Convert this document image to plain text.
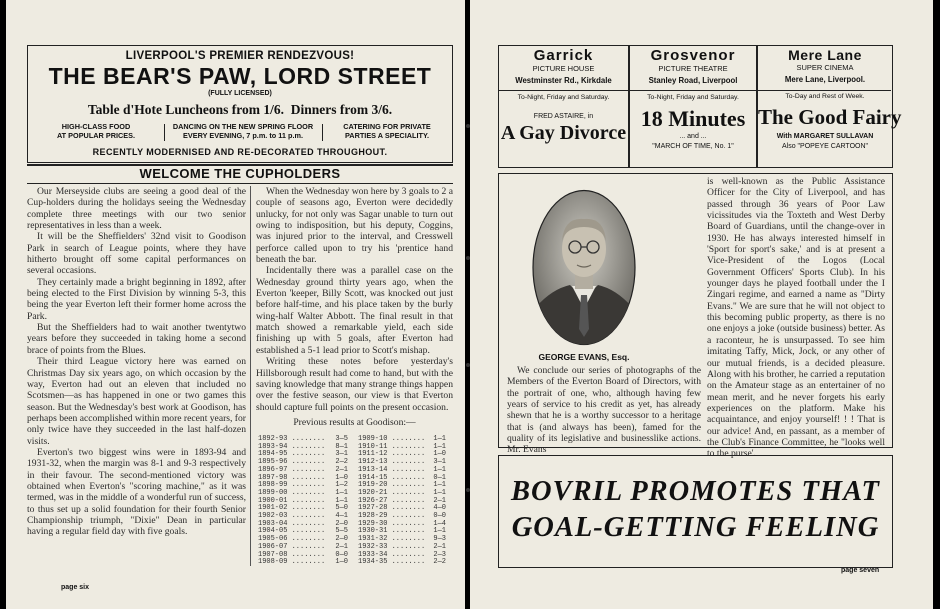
LIVERPOOL'S PREMIER RENDEZVOUS!
THE BEAR'S PAW, LORD STREET
(FULLY LICENSED)
Table d'Hote Luncheons from 1/6.  Dinners from 3/6.
HIGH-CLASS FOOD
AT POPULAR PRICES.
DANCING ON THE NEW SPRING FLOOR
EVERY EVENING, 7 p.m. to 11 p.m.
CATERING FOR PRIVATE
PARTIES A SPECIALITY.
RECENTLY MODERNISED AND RE-DECORATED THROUGHOUT.
WELCOME THE CUPHOLDERS

Our Merseyside clubs are seeing a good deal of the Cup-holders during the holidays seeing the Wednesday complete three meetings with our two senior representatives in less than a week.

It will be the Sheffielders' 32nd visit to Goodison Park in search of League points, where they have hitherto brought off some capital performances on several occasions.

They certainly made a bright beginning in 1892, after being elected to the First Division by winning 5-3, this being the year Everton left their former home across the Park.

But the Sheffielders had to wait another twentytwo years before they succeeded in taking home a second brace of points from the Blues.

Their third League victory here was earned on Christmas Day six years ago, on which occasion by the way, Everton had out an eleven that included no Scotsmen—as has happened in one or two games this season. But the Wednesday's best work at Goodison, has perhaps been accomplished within more recent years, for only twice have they succeeded in the last half-dozen visits.

Everton's two biggest wins were in 1893-94 and 1931-32, when the margin was 8-1 and 9-3 respectively in their favour. The second-mentioned victory was obtained when Everton's "scoring machine," as it was termed, was in the middle of a wonderful run of success, to thus set up a solid foundation for their fourth Senior Championship triumph, "Dixie" Dean in particular having a regular field day with five goals.

When the Wednesday won here by 3 goals to 2 a couple of seasons ago, Everton were decidedly unlucky, for not only was Sagar unable to turn out owing to indisposition, but his deputy, Coggins, was injured prior to the interval, and Cresswell perforce called upon to try his 'prentice hand beneath the bar.

Incidentally there was a parallel case on the Wednesday ground thirty years ago, when the Everton 'keeper, Billy Scott, was knocked out just before half-time, and his place taken by the burly wing-half Walter Abbott. The final result in that match showed a remarkable yield, each side finishing up with 5 goals, after Everton had established a 5-1 lead prior to Scott's mishap.

Writing these notes before yesterday's Hillsborough result had come to hand, but with the saving knowledge that many strange things happen over the festive season, our view is that Everton should capture full points on the present occasion.

Previous results at Goodison:—

1892-93 ........ 3—5
1893-94 ........ 8—1
1894-95 ........ 3—1
1895-96 ........ 2—2
1896-97 ........ 2—1
1897-98 ........ 1—0
1898-99 ........ 1—2
1899-00 ........ 1—1
1900-01 ........ 1—1
1901-02 ........ 5—0
1902-03 ........ 4—1
1903-04 ........ 2—0
1904-05 ........ 5—5
1905-06 ........ 2—0
1906-07 ........ 2—1
1907-08 ........ 0—0
1908-09 ........ 1—0
1909-10 ........ 1—1
1910-11 ........ 1—1
1911-12 ........ 1—0
1912-13 ........ 3—1
1913-14 ........ 1—1
1914-15 ........ 0—1
1919-20 ........ 1—1
1920-21 ........ 1—1
1926-27 ........ 2—1
1927-28 ........ 4—0
1928-29 ........ 0—0
1929-30 ........ 1—4
1930-31 ........ 1—1
1931-32 ........ 9—3
1932-33 ........ 2—1
1933-34 ........ 2—3
1934-35 ........ 2—2
page six
Garrick
PICTURE HOUSE
Westminster Rd., Kirkdale
To-Night, Friday and Saturday.
FRED ASTAIRE, in
A Gay Divorce
Grosvenor
PICTURE THEATRE
Stanley Road, Liverpool
To-Night, Friday and Saturday.
18 Minutes
... and ...
"MARCH OF TIME, No. 1"
Mere Lane
SUPER CINEMA
Mere Lane, Liverpool.
To-Day and Rest of Week.
The Good Fairy
With MARGARET SULLAVAN
Also "POPEYE CARTOON"
GEORGE EVANS, Esq.

We conclude our series of photographs of the Members of the Everton Board of Directors, with the portrait of one, who, although having few years of service to his credit as yet, has already shewn that he is a worthy successor to a heritage that is (and always has been), famed for the quality of its legislative and businesslike actions. Mr. Evans

is well-known as the Public Assistance Officer for the City of Liverpool, and has passed through 36 years of Poor Law vicissitudes via the Toxteth and West Derby Board of Guardians, until the change-over in 1930. He has always interested himself in 'Sport for sport's sake,' and is at present a Vice-President of the Logos (Local Government Officers' Sports Club). In his younger days he played football under the I Zingari regime, and earned a name as "Dirty Evans." We are sure that he will not object to this becoming public property, as there is no one enjoys a joke (outside business) better. As a raconteur, he is unsurpassed. To see him imitating Taffy, Mick, Jock, or any other of our mutual friends, is a decided pleasure. Along with his brother, he carried a reputation on the Amateur stage as an entertainer of no mean merit, and he never forgets his early experiences on the platform. Make his acquaintance, and enjoy yourself! ! ! That is our advice! And, en passant, as a member of the Club's Finance Committee, he "looks well to the purse'.

BOVRIL PROMOTES THAT
GOAL-GETTING FEELING
page seven
